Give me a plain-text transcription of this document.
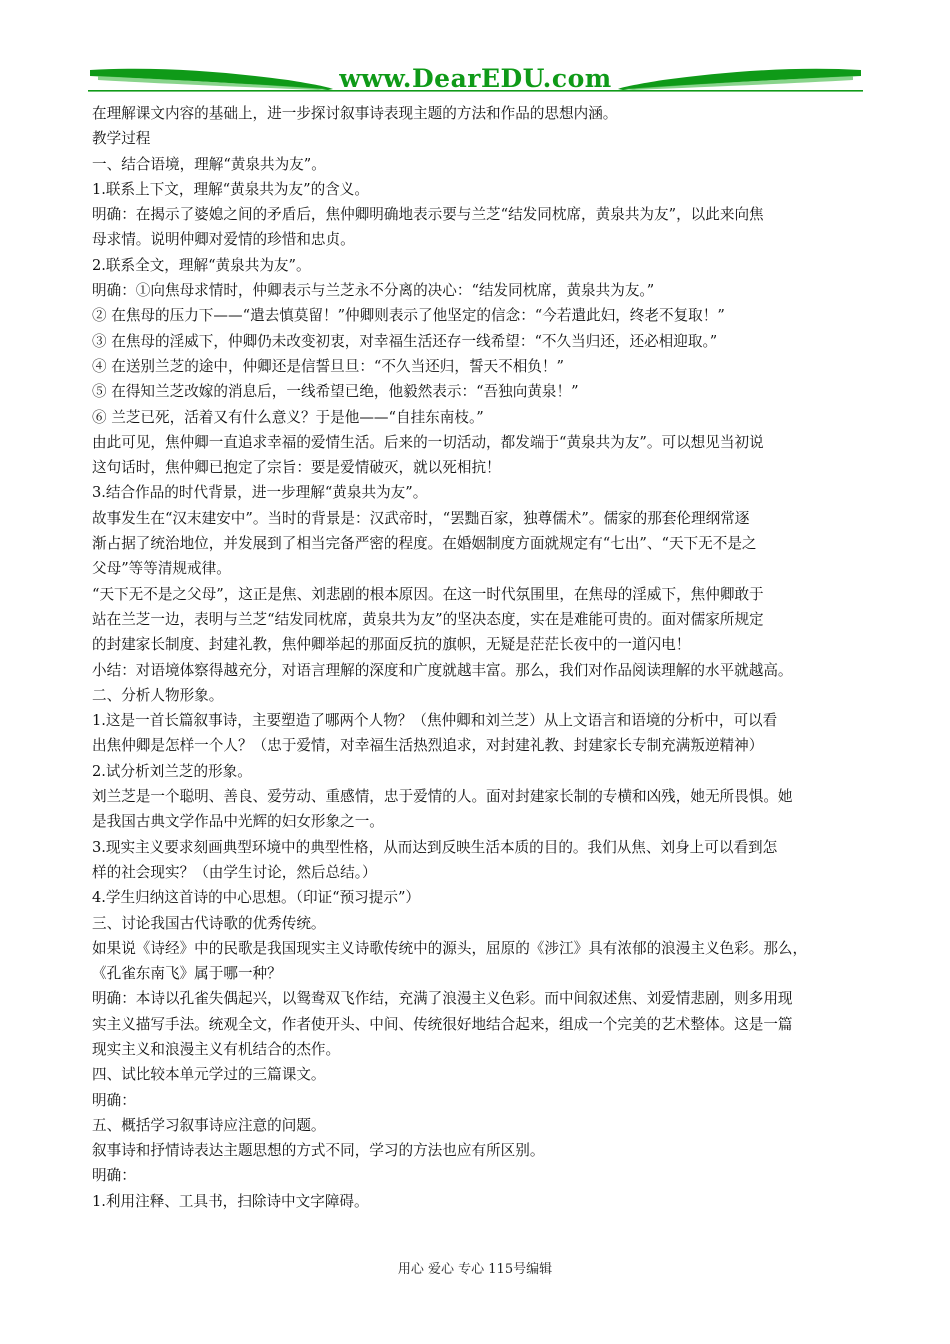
www.DearEDU.com
在理解课文内容的基础上，进一步探讨叙事诗表现主题的方法和作品的思想内涵。
教学过程
一、结合语境，理解“黄泉共为友”。
1.联系上下文，理解“黄泉共为友”的含义。
明确：在揭示了婆媳之间的矛盾后，焦仲卿明确地表示要与兰芝“结发同枕席，黄泉共为友”，以此来向焦
母求情。说明仲卿对爱情的珍惜和忠贞。
2.联系全文，理解“黄泉共为友”。
明确：①向焦母求情时，仲卿表示与兰芝永不分离的决心：“结发同枕席，黄泉共为友。”
② 在焦母的压力下——“遣去慎莫留！”仲卿则表示了他坚定的信念：“今若遣此妇，终老不复取！”
③ 在焦母的淫威下，仲卿仍未改变初衷，对幸福生活还存一线希望：“不久当归还，还必相迎取。”
④ 在送别兰芝的途中，仲卿还是信誓旦旦：“不久当还归，誓天不相负！”
⑤ 在得知兰芝改嫁的消息后，一线希望已绝，他毅然表示：“吾独向黄泉！”
⑥ 兰芝已死，活着又有什么意义？于是他——“自挂东南枝。”
由此可见，焦仲卿一直追求幸福的爱情生活。后来的一切活动，都发端于“黄泉共为友”。可以想见当初说
这句话时，焦仲卿已抱定了宗旨：要是爱情破灭，就以死相抗！
3.结合作品的时代背景，进一步理解“黄泉共为友”。
故事发生在“汉末建安中”。当时的背景是：汉武帝时，“罢黜百家，独尊儒术”。儒家的那套伦理纲常逐
渐占据了统治地位，并发展到了相当完备严密的程度。在婚姻制度方面就规定有“七出”、“天下无不是之
父母”等等清规戒律。
“天下无不是之父母”，这正是焦、刘悲剧的根本原因。在这一时代氛围里，在焦母的淫威下，焦仲卿敢于
站在兰芝一边，表明与兰芝“结发同枕席，黄泉共为友”的坚决态度，实在是难能可贵的。面对儒家所规定
的封建家长制度、封建礼教，焦仲卿举起的那面反抗的旗帜，无疑是茫茫长夜中的一道闪电！
小结：对语境体察得越充分，对语言理解的深度和广度就越丰富。那么，我们对作品阅读理解的水平就越高。
二、分析人物形象。
1.这是一首长篇叙事诗，主要塑造了哪两个人物？（焦仲卿和刘兰芝）从上文语言和语境的分析中，可以看
出焦仲卿是怎样一个人？（忠于爱情，对幸福生活热烈追求，对封建礼教、封建家长专制充满叛逆精神）
2.试分析刘兰芝的形象。
刘兰芝是一个聪明、善良、爱劳动、重感情，忠于爱情的人。面对封建家长制的专横和凶残，她无所畏惧。她
是我国古典文学作品中光辉的妇女形象之一。
3.现实主义要求刻画典型环境中的典型性格，从而达到反映生活本质的目的。我们从焦、刘身上可以看到怎
样的社会现实？（由学生讨论，然后总结。）
4.学生归纳这首诗的中心思想。（印证“预习提示”）
三、讨论我国古代诗歌的优秀传统。
如果说《诗经》中的民歌是我国现实主义诗歌传统中的源头，屈原的《涉江》具有浓郁的浪漫主义色彩。那么，
《孔雀东南飞》属于哪一种？
明确：本诗以孔雀失偶起兴，以鸳鸯双飞作结，充满了浪漫主义色彩。而中间叙述焦、刘爱情悲剧，则多用现
实主义描写手法。统观全文，作者使开头、中间、传统很好地结合起来，组成一个完美的艺术整体。这是一篇
现实主义和浪漫主义有机结合的杰作。
四、试比较本单元学过的三篇课文。
明确：
五、概括学习叙事诗应注意的问题。
叙事诗和抒情诗表达主题思想的方式不同，学习的方法也应有所区别。
明确：
1.利用注释、工具书，扫除诗中文字障碍。
用心 爱心 专心 115号编辑
